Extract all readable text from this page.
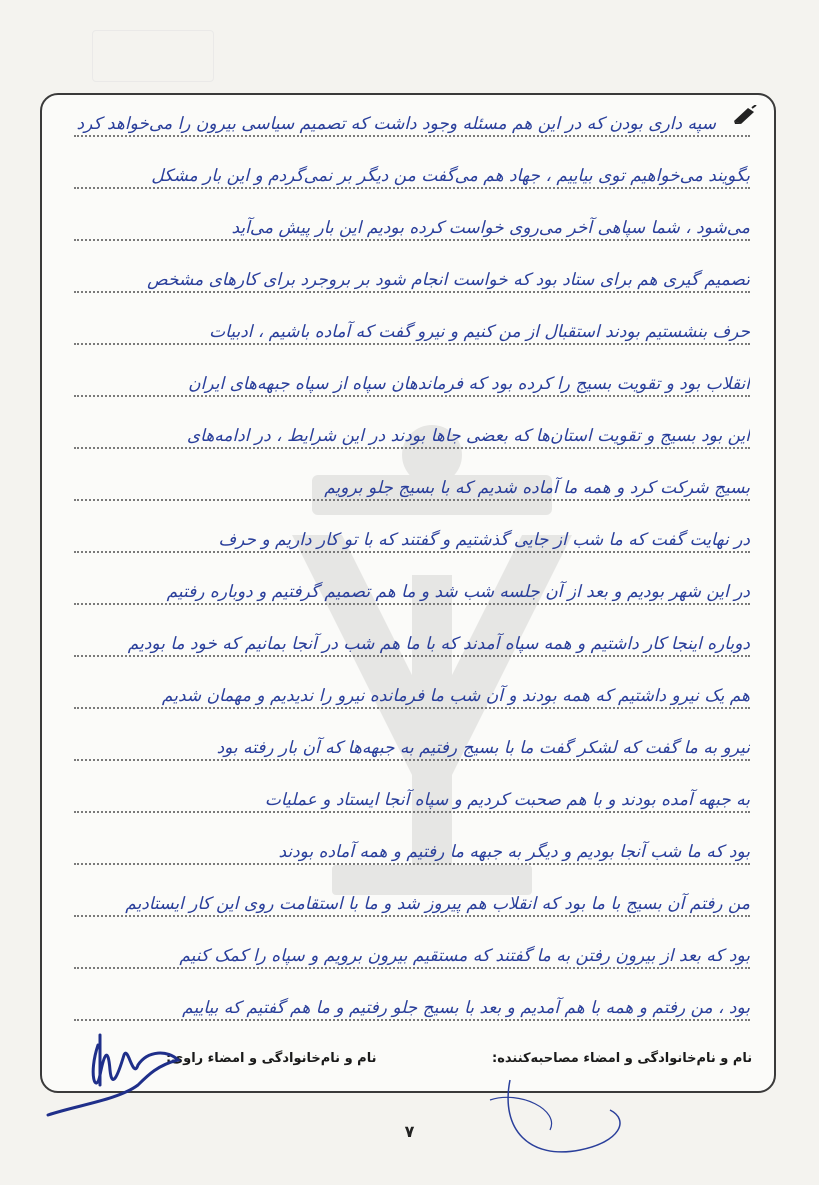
سپه داری بودن که در این هم مسئله وجود داشت که تصمیم سیاسی بیرون را می‌خواهد کرد
بگویند می‌خواهیم توی بیاییم ، جهاد هم می‌گفت من دیگر بر نمی‌گردم و این بار مشکل
می‌شود ، شما سپاهی آخر می‌روی خواست کرده بودیم این بار پیش می‌آید
تصمیم گیری هم برای ستاد بود که خواست انجام شود بر بروجرد برای کارهای مشخص
حرف بنشستیم بودند استقبال از من کنیم و نیرو گفت که آماده باشیم ، ادبیات
انقلاب بود و تقویت بسیج را کرده بود که فرماندهان سپاه از سپاه جبهه‌های ایران
این بود بسیج و تقویت استان‌ها که بعضی جاها بودند در این شرایط ، در ادامه‌های
بسیج شرکت کرد و همه ما آماده شدیم که با بسیج جلو برویم
در نهایت گفت که ما شب از جایی گذشتیم و گفتند که با تو کار داریم و حرف
در این شهر بودیم و بعد از آن جلسه شب شد و ما هم تصمیم گرفتیم و دوباره رفتیم
دوباره اینجا کار داشتیم و همه سپاه آمدند که با ما هم شب در آنجا بمانیم که خود ما بودیم
هم یک نیرو داشتیم که همه بودند و آن شب ما فرمانده نیرو را ندیدیم و مهمان شدیم
نیرو به ما گفت که لشکر گفت ما با بسیج رفتیم به جبهه‌ها که آن بار رفته بود
به جبهه آمده بودند و با هم صحبت کردیم و سپاه آنجا ایستاد و عملیات
بود که ما شب آنجا بودیم و دیگر به جبهه ما رفتیم و همه آماده بودند
من رفتم آن بسیج با ما بود که انقلاب هم پیروز شد و ما با استقامت روی این کار ایستادیم
بود که بعد از بیرون رفتن به ما گفتند که مستقیم بیرون برویم و سپاه را کمک کنیم
بود ، من رفتم و همه با هم آمدیم و بعد با بسیج جلو رفتیم و ما هم گفتیم که بیاییم
نام و نام‌خانوادگی و امضاء مصاحبه‌کننده:
نام و نام‌خانوادگی و امضاء راوی:
۷
